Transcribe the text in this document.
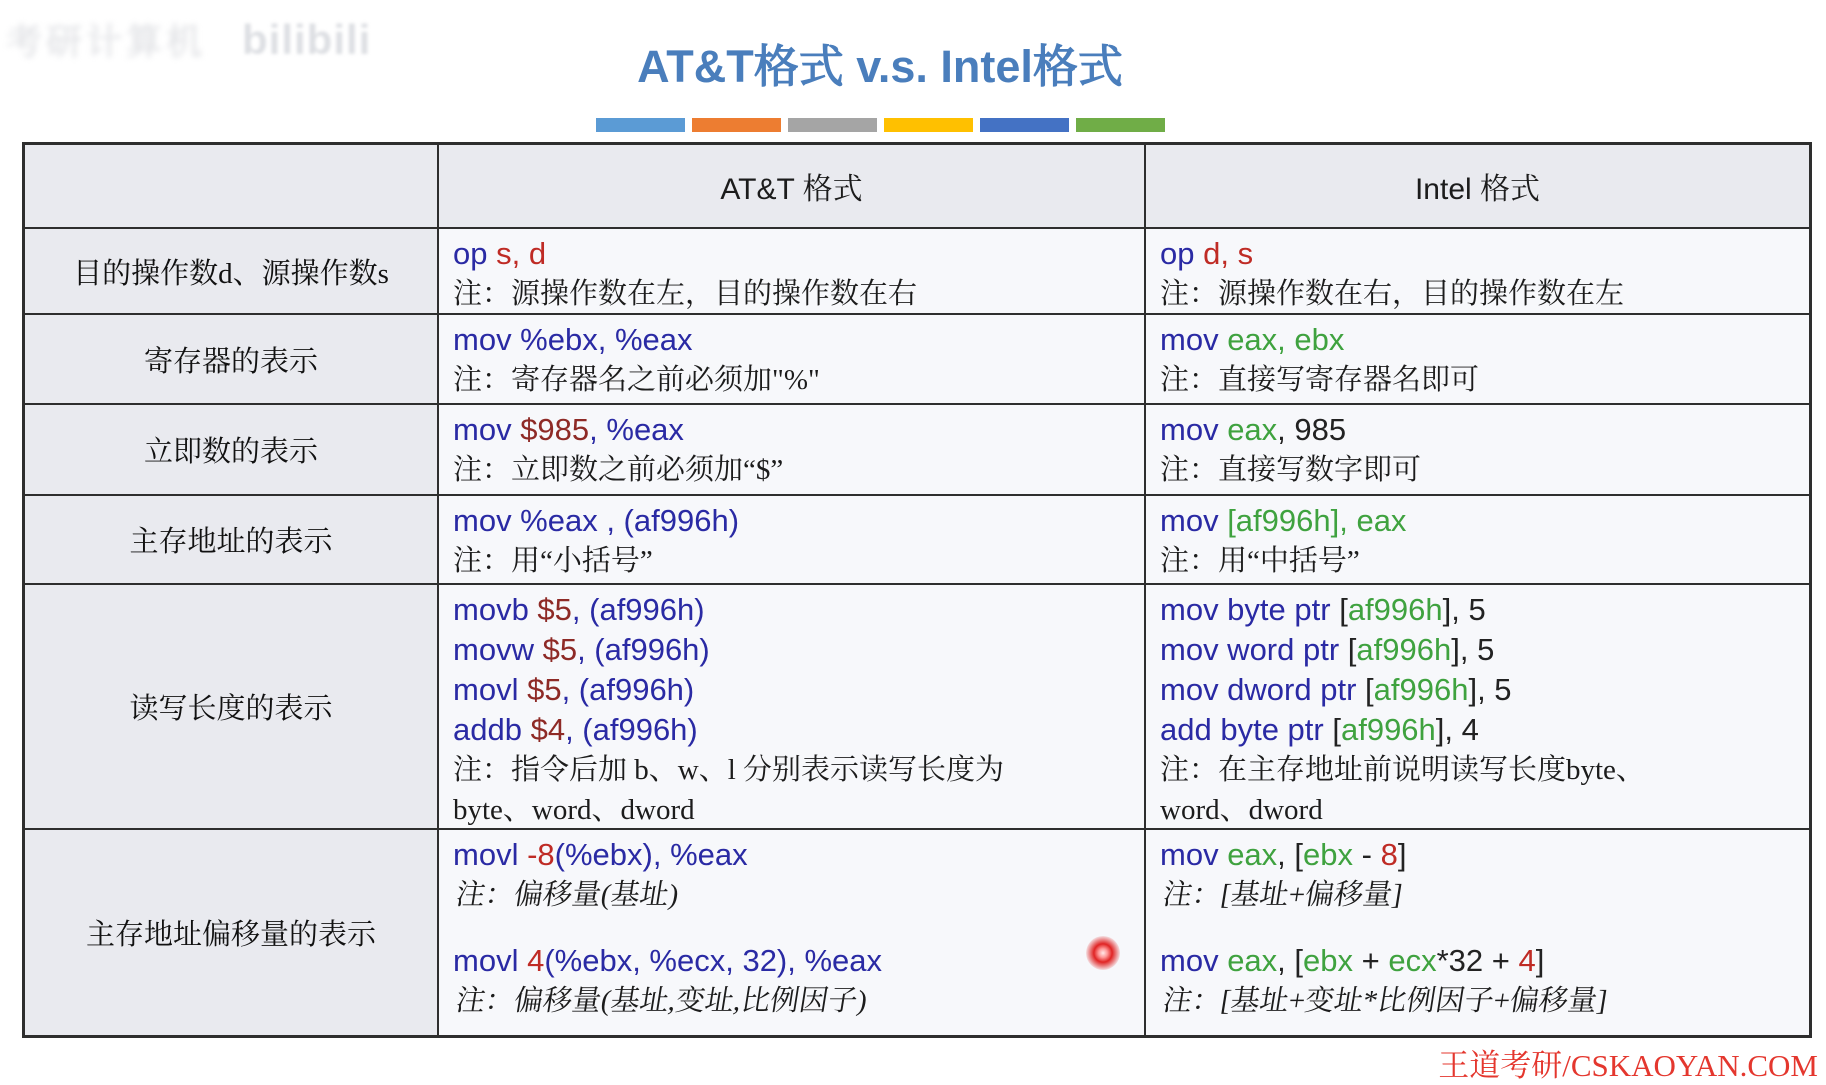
考研计算机 bilibili
AT&T格式 v.s. Intel格式
AT&T 格式	Intel 格式
目的操作数d、源操作数s
op s, d
注：源操作数在左，目的操作数在右
op d, s
注：源操作数在右，目的操作数在左
寄存器的表示
mov %ebx, %eax
注：寄存器名之前必须加"%"
mov eax, ebx
注：直接写寄存器名即可
立即数的表示
mov $985, %eax
注：立即数之前必须加“$”
mov eax, 985
注：直接写数字即可
主存地址的表示
mov %eax , (af996h)
注：用“小括号”
mov [af996h], eax
注：用“中括号”
读写长度的表示
movb $5, (af996h)
movw $5, (af996h)
movl $5, (af996h)
addb $4, (af996h)
注：指令后加 b、w、l 分别表示读写长度为
byte、word、dword
mov byte ptr [af996h], 5
mov word ptr [af996h], 5
mov dword ptr [af996h], 5
add byte ptr [af996h], 4
注：在主存地址前说明读写长度byte、
word、dword
主存地址偏移量的表示
movl -8(%ebx), %eax
注：偏移量(基址)
movl 4(%ebx, %ecx, 32), %eax
注：偏移量(基址,变址,比例因子)
mov eax, [ebx - 8]
注：[基址+偏移量]
mov eax, [ebx + ecx*32 + 4]
注：[基址+变址*比例因子+偏移量]
王道考研/CSKAOYAN.COM
